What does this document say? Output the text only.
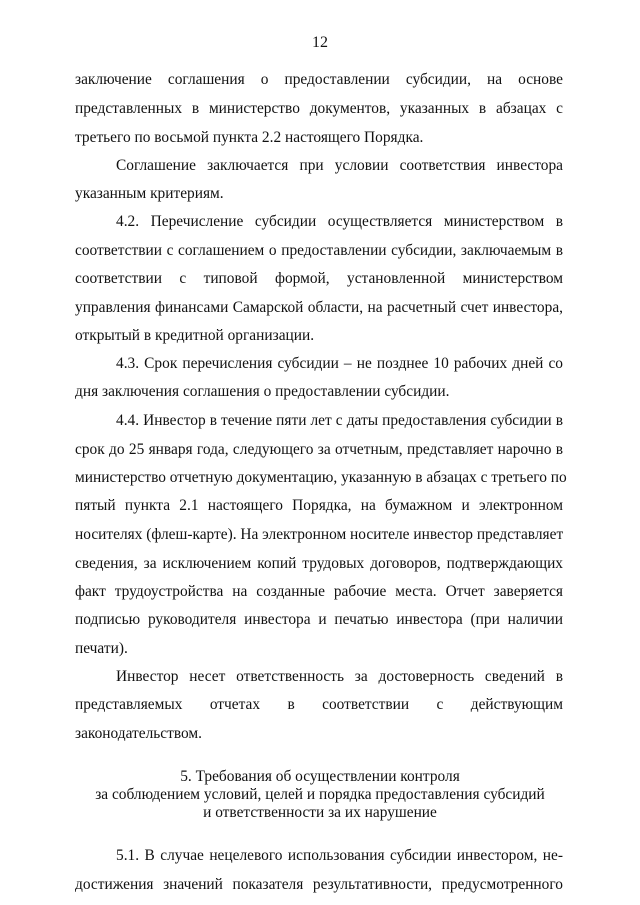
12
заключение соглашения о предоставлении субсидии, на основе
представленных в министерство документов, указанных в абзацах с
третьего по восьмой пункта 2.2 настоящего Порядка.
Соглашение заключается при условии соответствия инвестора
указанным критериям.
4.2. Перечисление субсидии осуществляется министерством в
соответствии с соглашением о предоставлении субсидии, заключаемым в
соответствии с типовой формой, установленной министерством
управления финансами Самарской области, на расчетный счет инвестора,
открытый в кредитной организации.
4.3. Срок перечисления субсидии – не позднее 10 рабочих дней со
дня заключения соглашения о предоставлении субсидии.
4.4. Инвестор в течение пяти лет с даты предоставления субсидии в
срок до 25 января года, следующего за отчетным, представляет нарочно в
министерство отчетную документацию, указанную в абзацах с третьего по
пятый пункта 2.1 настоящего Порядка, на бумажном и электронном
носителях (флеш-карте). На электронном носителе инвестор представляет
сведения, за исключением копий трудовых договоров, подтверждающих
факт трудоустройства на созданные рабочие места. Отчет заверяется
подписью руководителя инвестора и печатью инвестора (при наличии
печати).
Инвестор несет ответственность за достоверность сведений в
представляемых отчетах в соответствии с действующим
законодательством.
5. Требования об осуществлении контроля
за соблюдением условий, целей и порядка предоставления субсидий
и ответственности за их нарушение
5.1. В случае нецелевого использования субсидии инвестором, не-
достижения значений показателя результативности, предусмотренного
